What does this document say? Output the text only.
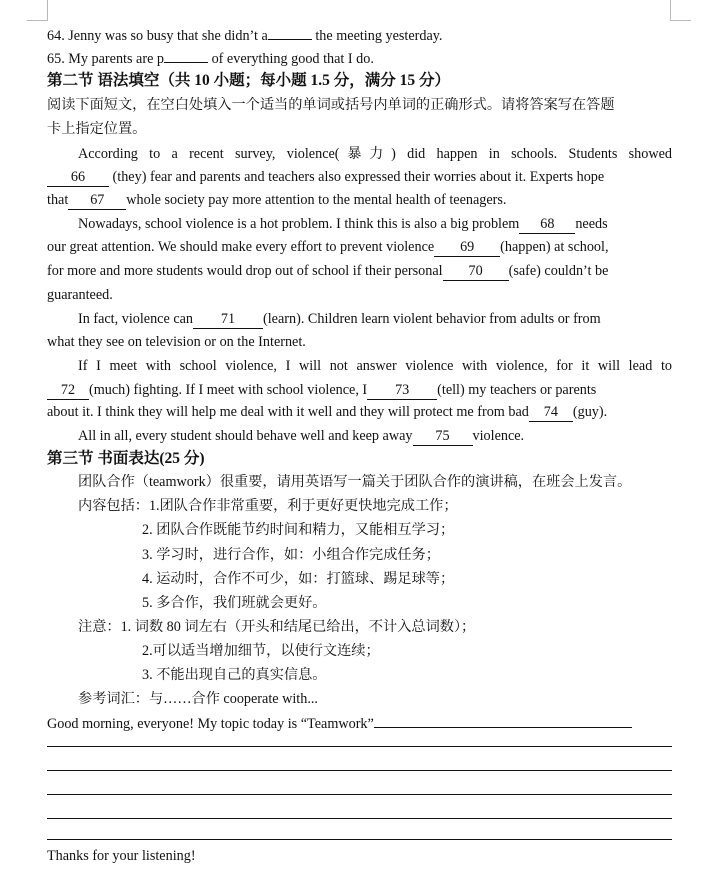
64. Jenny was so busy that she didn’t a	the meeting yesterday.
65. My parents are p	of everything good that I do.
第二节 语法填空（共 10 小题；每小题 1.5 分，满分 15 分）
阅读下面短文，在空白处填入一个适当的单词或括号内单词的正确形式。请将答案写在答题
卡上指定位置。
According to a recent survey, violence(暴力) did happen in schools. Students showed
66 (they) fear and parents and teachers also expressed their worries about it. Experts hope
that 67 whole society pay more attention to the mental health of teenagers.
Nowadays, school violence is a hot problem. I think this is also a big problem 68 needs
our great attention. We should make every effort to prevent violence 69 (happen) at school,
for more and more students would drop out of school if their personal 70 (safe) couldn’t be
guaranteed.
In fact, violence can 71 (learn). Children learn violent behavior from adults or from
what they see on television or on the Internet.
If I meet with school violence, I will not answer violence with violence, for it will lead to
72 (much) fighting. If I meet with school violence, I 73 (tell) my teachers or parents
about it. I think they will help me deal with it well and they will protect me from bad 74 (guy).
All in all, every student should behave well and keep away 75 violence.
第三节 书面表达(25 分)
团队合作（teamwork）很重要，请用英语写一篇关于团队合作的演讲稿，在班会上发言。
内容包括：1.团队合作非常重要，利于更好更快地完成工作；
2. 团队合作既能节约时间和精力，又能相互学习；
3. 学习时，进行合作，如：小组合作完成任务；
4. 运动时，合作不可少，如：打篮球、踢足球等；
5. 多合作，我们班就会更好。
注意：1. 词数 80 词左右（开头和结尾已给出，不计入总词数）；
2.可以适当增加细节，以使行文连续；
3. 不能出现自己的真实信息。
参考词汇：与……合作 cooperate with...
Good morning, everyone! My topic today is “Teamwork”
Thanks for your listening!
